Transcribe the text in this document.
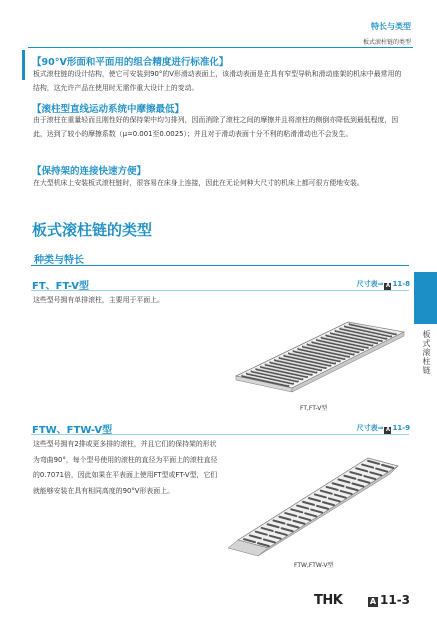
特长与类型
板式滚柱链的类型
【90°V形面和平面用的组合精度进行标准化】
板式滚柱链的设计结构，使它可安装到90°的V形滑动表面上，该滑动表面是在具有窄型导轨和滑动座架的机床中最常用的结构，这允许产品在使用时无需作重大设计上的变动。
【滚柱型直线运动系统中摩擦最低】
由于滚柱在重量轻而且刚性好的保持架中均匀排列，因而消除了滚柱之间的摩擦并且将滚柱的侧倒亦降低到最低程度，因此，达到了较小的摩擦系数（μ=0.001至0.0025）；并且对于滑动表面十分不利的粘滑滑动也不会发生。
【保持架的连接快速方便】
在大型机床上安装板式滚柱链时，很容易在床身上连接，因此在无论何种大尺寸的机床上都可很方便地安装。
板式滚柱链的类型
种类与特长
FT、FT-V型	尺寸表⇒ A 11-8
这些型号拥有单排滚柱，主要用于平面上。
FT,FT-V型
FTW、FTW-V型	尺寸表⇒ A 11-9
这些型号拥有2排或更多排的滚柱，并且它们的保持架的形状为弯曲90°，每个型号使用的滚柱的直径为平面上的滚柱直径的0.7071倍，因此如果在平表面上使用FT型或FT-V型，它们就能够安装在具有相同高度的90°V形表面上。
FTW,FTW-V型
板式滚柱链
THK	A 11-3
